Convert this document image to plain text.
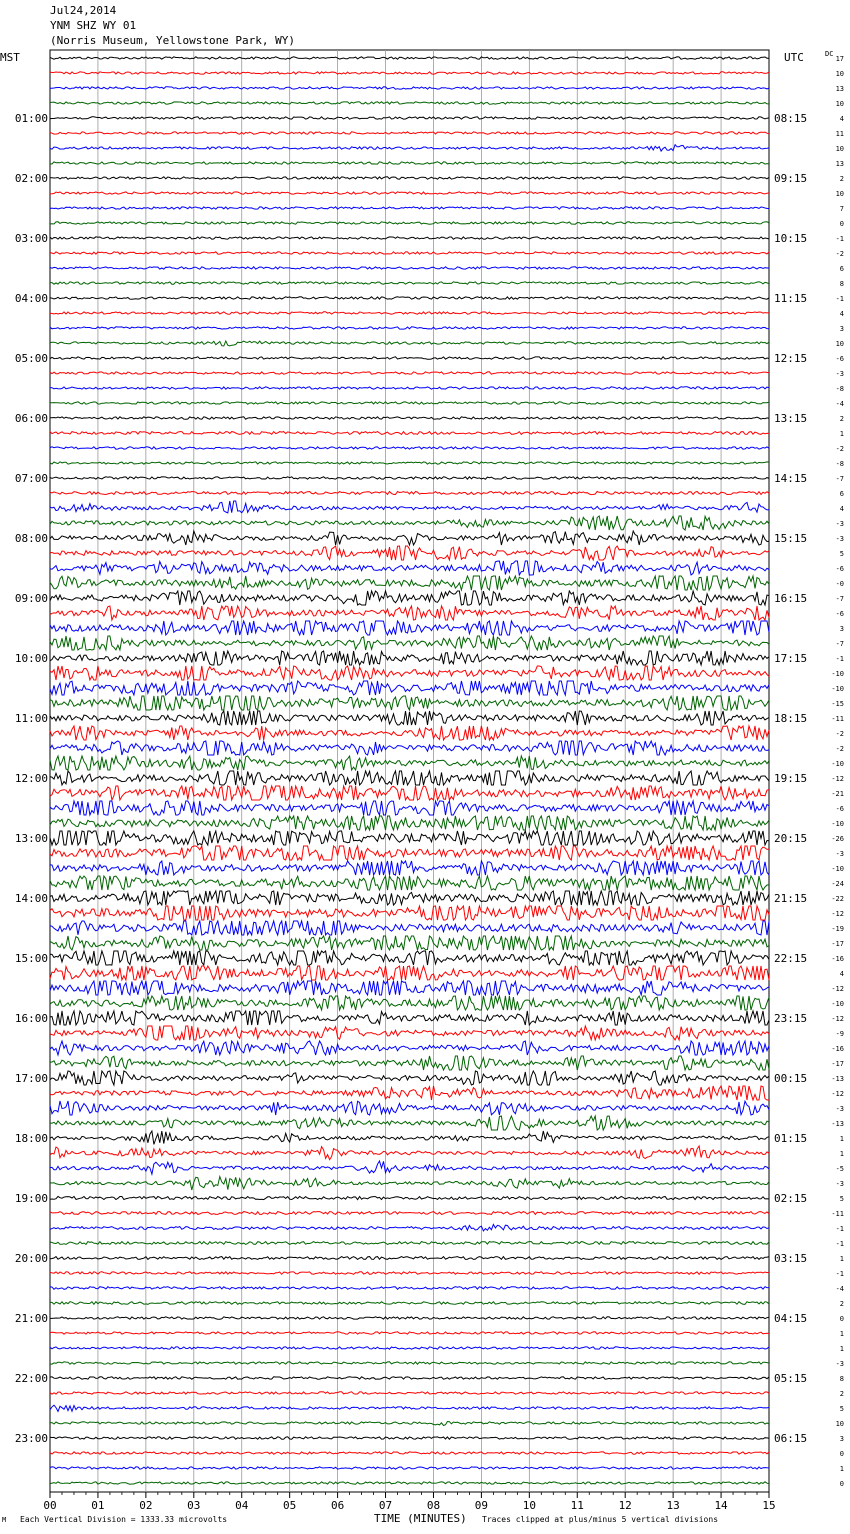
Jul24,2014
YNM SHZ WY 01
(Norris Museum, Yellowstone Park, WY)
00	01	02	03	04	05	06	07	08	09	10	11	12	13	14	15
17
10
13
10
4
11
10
13
2
10
7
0
-1
-2
6
8
-1
4
3
10
-6
-3
-8
-4
2
1
-2
-8
-7
6
4
-3
-3
5
-6
-0
-7
-6
3
-7
-1
-10
-10
-15
-11
-2
-2
-10
-12
-21
-6
-10
-26
-3
-10
-24
-22
-12
-19
-17
-16
4
-12
-10
-12
-9
-16
-17
-13
-12
-3
-13
1
1
-5
-3
5
-11
-1
-1
1
-1
-4
2
0
1
1
-3
8
2
5
10
3
0
1
0
01:00
02:00
03:00
04:00
05:00
06:00
07:00
08:00
09:00
10:00
11:00
12:00
13:00
14:00
15:00
16:00
17:00
18:00
19:00
20:00
21:00
22:00
23:00
08:15
09:15
10:15
11:15
12:15
13:15
14:15
15:15
16:15
17:15
18:15
19:15
20:15
21:15
22:15
23:15
00:15
01:15
02:15
03:15
04:15
05:15
06:15
MST	UTC	DC
M Each Vertical Division = 1333.33 microvolts	TIME (MINUTES) Traces clipped at plus/minus 5 vertical divisions
